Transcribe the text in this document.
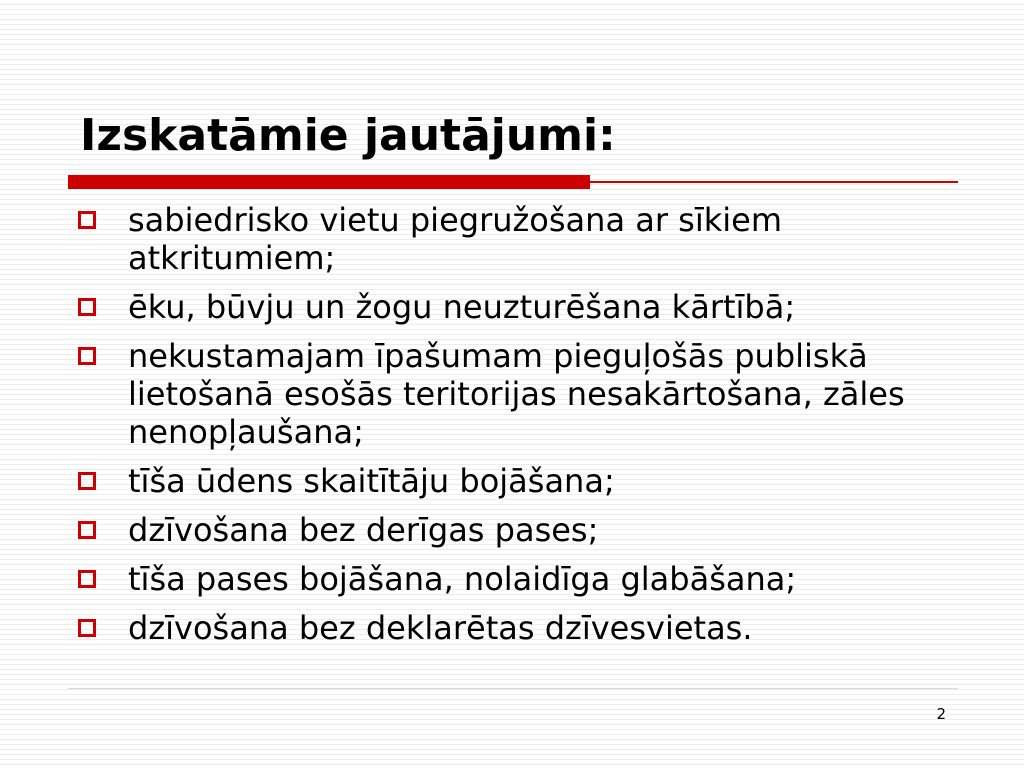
Izskatāmie jautājumi:
sabiedrisko vietu piegružošana ar sīkiem atkritumiem;
ēku, būvju un žogu neuzturēšana kārtībā;
nekustamajam īpašumam pieguļošās publiskā lietošanā esošās teritorijas nesakārtošana, zāles nenopļaušana;
tīša ūdens skaitītāju bojāšana;
dzīvošana bez derīgas pases;
tīša pases bojāšana, nolaidīga glabāšana;
dzīvošana bez deklarētas dzīvesvietas.
2
